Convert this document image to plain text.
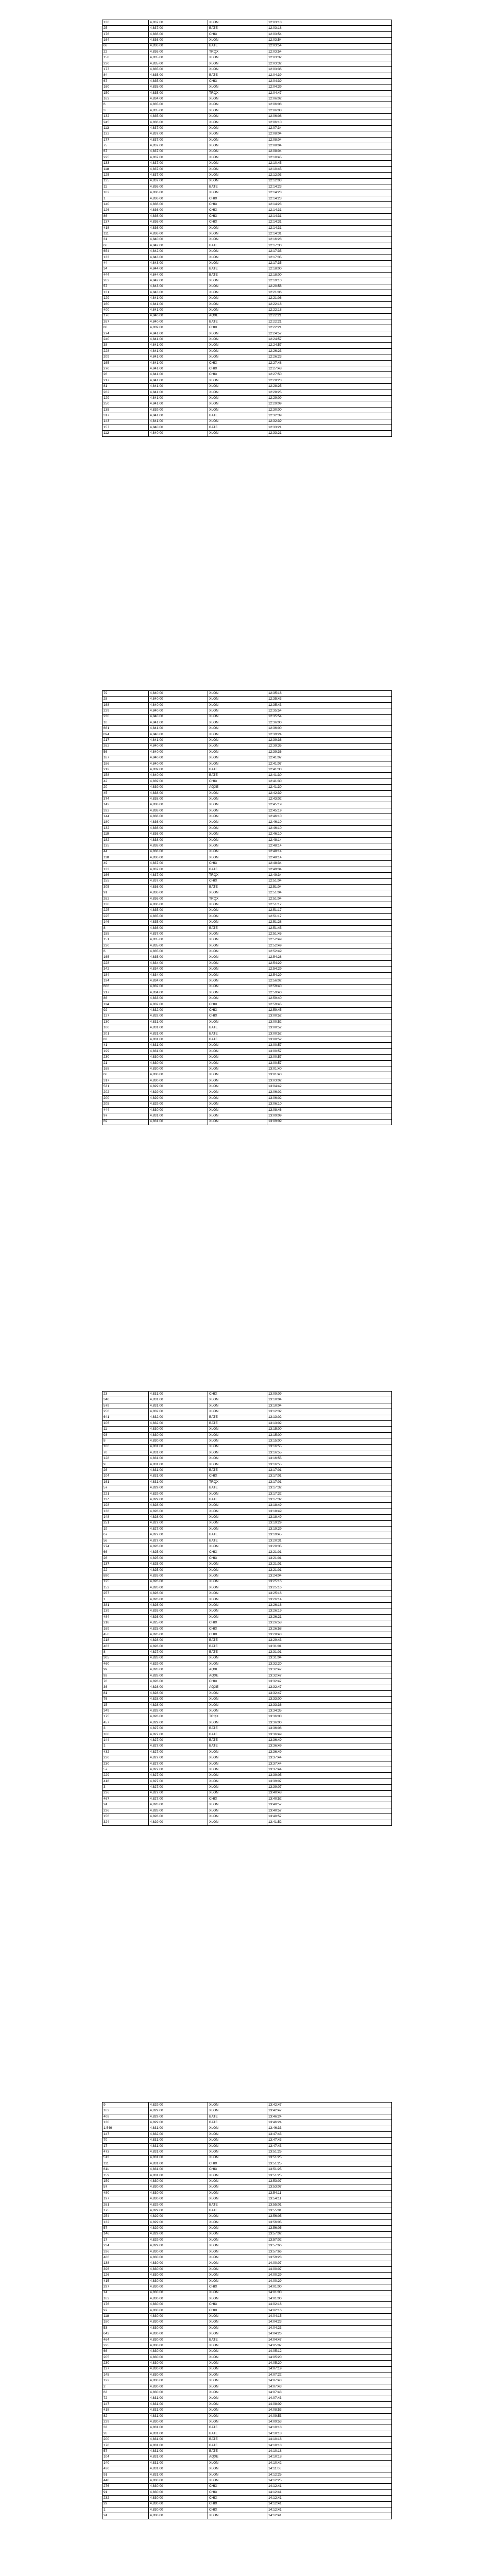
136	4,837.00	XLON	12:03:18
25	4,837.00	BATE	12:03:18
176	4,836.00	CHIX	12:03:54
164	4,836.00	XLON	12:03:54
68	4,836.00	BATE	12:03:54
22	4,836.00	TRQX	12:03:54
158	4,835.00	XLON	12:03:32
230	4,835.00	XLON	12:03:32
177	4,835.00	XLON	12:03:36
84	4,835.00	BATE	12:04:39
67	4,835.00	CHIX	12:04:39
160	4,835.00	XLON	12:04:39
150	4,835.00	TRQX	12:04:47
163	4,834.00	XLON	12:06:02
6	4,835.00	XLON	12:06:08
3	4,835.00	XLON	12:06:08
132	4,835.00	XLON	12:06:08
245	4,836.00	XLON	12:06:10
113	4,837.00	XLON	12:07:34
132	4,837.00	XLON	12:08:04
177	4,837.00	XLON	12:08:04
75	4,837.00	XLON	12:08:04
67	4,837.00	XLON	12:08:04
225	4,837.00	XLON	12:10:45
133	4,837.00	XLON	12:10:45
118	4,837.00	XLON	12:10:45
125	4,837.00	XLON	12:12:03
135	4,837.00	XLON	12:12:03
11	4,836.00	BATE	12:14:23
182	4,836.00	XLON	12:14:23
1	4,836.00	CHIX	12:14:23
140	4,836.00	CHIX	12:14:23
126	4,836.00	CHIX	12:14:31
86	4,836.00	CHIX	12:14:31
137	4,836.00	CHIX	12:14:31
418	4,836.00	XLON	12:14:31
111	4,836.00	XLON	12:14:31
31	4,840.00	XLON	12:16:28
66	4,842.00	BATE	12:17:30
654	4,842.00	XLON	12:17:35
133	4,843.00	XLON	12:17:35
44	4,843.00	XLON	12:17:35
34	4,844.00	BATE	12:18:00
444	4,844.00	BATE	12:18:00
262	4,842.00	XLON	12:19:10
57	4,843.00	XLON	12:20:58
131	4,843.00	XLON	12:21:06
129	4,841.00	XLON	12:21:06
160	4,841.00	XLON	12:22:18
400	4,841.00	XLON	12:22:18
176	4,840.00	AQXE	12:22:21
267	4,840.00	BATE	12:22:21
86	4,839.00	CHIX	12:22:21
274	4,841.00	XLON	12:24:57
240	4,841.00	XLON	12:24:57
38	4,841.00	XLON	12:24:57
228	4,841.00	XLON	12:26:23
209	4,841.00	XLON	12:26:23
165	4,841.00	CHIX	12:27:48
270	4,841.00	CHIX	12:27:48
26	4,841.00	CHIX	12:27:50
217	4,841.00	XLON	12:28:23
81	4,841.00	XLON	12:28:25
282	4,841.00	XLON	12:28:25
129	4,841.00	XLON	12:29:09
250	4,841.00	XLON	12:29:09
135	4,839.00	XLON	12:30:00
317	4,841.00	BATE	12:32:39
143	4,841.00	XLON	12:32:39
157	4,840.00	BATE	12:33:21
112	4,840.00	XLON	12:33:21
79	4,840.00	XLON	12:35:16
28	4,840.00	XLON	12:35:43
168	4,840.00	XLON	12:35:43
229	4,840.00	XLON	12:35:54
230	4,840.00	XLON	12:35:54
10	4,841.00	XLON	12:36:00
661	4,841.00	XLON	12:36:00
894	4,840.00	XLON	12:39:24
217	4,841.00	XLON	12:39:36
262	4,840.00	XLON	12:39:36
56	4,840.00	XLON	12:39:36
187	4,840.00	XLON	12:41:07
186	4,840.00	XLON	12:41:07
212	4,839.00	BATE	12:41:30
158	4,840.00	BATE	12:41:30
42	4,839.00	CHIX	12:41:30
20	4,839.00	AQXE	12:41:30
45	4,838.00	XLON	12:42:39
374	4,838.00	XLON	12:43:02
142	4,838.00	XLON	12:45:19
332	4,838.00	XLON	12:45:19
144	4,838.00	XLON	12:46:10
180	4,836.00	XLON	12:46:10
132	4,836.00	XLON	12:46:10
119	4,836.00	XLON	12:46:10
182	4,838.00	XLON	12:48:14
135	4,838.00	XLON	12:48:14
44	4,838.00	XLON	12:48:14
118	4,836.00	XLON	12:48:14
49	4,837.00	CHIX	12:48:34
133	4,837.00	BATE	12:49:34
166	4,837.00	TRQX	12:49:34
155	4,837.00	CHIX	12:51:04
305	4,836.00	BATE	12:51:04
91	4,836.00	XLON	12:51:04
262	4,836.00	TRQX	12:51:04
130	4,836.00	XLON	12:51:17
225	4,835.00	XLON	12:51:17
225	4,835.00	XLON	12:51:17
146	4,835.00	XLON	12:51:28
8	4,836.00	BATE	12:51:45
155	4,837.00	XLON	12:51:45
151	4,835.00	XLON	12:52:49
230	4,835.00	XLON	12:52:49
6	4,835.00	XLON	12:52:49
165	4,835.00	XLON	12:54:28
228	4,834.00	XLON	12:54:29
342	4,834.00	XLON	12:54:29
184	4,834.00	XLON	12:54:29
194	4,834.00	XLON	12:56:02
668	4,832.00	XLON	12:59:40
217	4,834.00	XLON	12:59:40
86	4,833.00	XLON	12:59:40
114	4,832.00	CHIX	12:59:45
92	4,832.00	CHIX	12:59:45
127	4,832.00	CHIX	13:00:52
130	4,831.00	XLON	13:00:52
100	4,831.00	BATE	13:00:52
201	4,831.00	BATE	13:00:52
83	4,831.00	BATE	13:00:52
41	4,831.00	XLON	13:00:57
199	4,831.00	XLON	13:00:57
230	4,830.00	XLON	13:00:57
21	4,830.00	XLON	13:00:57
168	4,830.00	XLON	13:01:40
66	4,830.00	XLON	13:01:40
317	4,830.00	XLON	13:03:02
531	4,829.00	XLON	13:04:42
202	4,829.00	XLON	13:06:02
200	4,829.00	XLON	13:06:02
205	4,829.00	XLON	13:06:10
444	4,830.00	XLON	13:08:46
97	4,831.00	XLON	13:09:09
69	4,831.00	XLON	13:09:09
23	4,831.00	CHIX	13:09:09
340	4,831.00	XLON	13:10:04
579	4,831.00	XLON	13:10:04
256	4,832.00	XLON	13:12:32
641	4,832.00	BATE	13:13:02
106	4,832.00	BATE	13:13:02
11	4,830.00	XLON	13:15:00
93	4,830.00	XLON	13:15:00
8	4,830.00	XLON	13:15:00
186	4,831.00	XLON	13:16:55
70	4,831.00	XLON	13:16:55
128	4,831.00	XLON	13:16:55
9	4,831.00	XLON	13:16:55
26	4,831.00	BATE	13:17:01
104	4,831.00	CHIX	13:17:01
161	4,831.00	TRQX	13:17:01
57	4,829.00	BATE	13:17:32
221	4,829.00	XLON	13:17:32
117	4,829.00	BATE	13:17:32
198	4,828.00	XLON	13:18:49
138	4,828.00	XLON	13:18:49
148	4,828.00	XLON	13:18:49
251	4,827.00	XLON	13:19:29
19	4,827.00	XLON	13:19:29
67	4,827.00	BATE	13:19:45
56	4,827.00	BATE	13:20:31
274	4,826.00	XLON	13:20:35
66	4,825.00	CHIX	13:21:01
26	4,825.00	CHIX	13:21:01
137	4,825.00	XLON	13:21:01
22	4,825.00	XLON	13:21:01
890	4,826.00	XLON	13:24:04
125	4,826.00	XLON	13:25:16
152	4,826.00	XLON	13:25:16
257	4,826.00	XLON	13:25:16
1	4,826.00	XLON	13:26:14
381	4,826.00	XLON	13:26:16
139	4,826.00	XLON	13:26:19
484	4,826.00	XLON	13:26:21
218	4,825.00	CHIX	13:26:58
169	4,825.00	CHIX	13:26:58
456	4,826.00	CHIX	13:28:43
218	4,828.00	BATE	13:29:43
463	4,828.00	BATE	13:31:01
8	4,827.00	BATE	13:31:01
305	4,828.00	XLON	13:31:04
460	4,829.00	XLON	13:32:20
99	4,828.00	AQXE	13:32:47
92	4,828.00	AQXE	13:32:47
76	4,828.00	CHIX	13:32:47
36	4,828.00	AQXE	13:32:47
81	4,828.00	XLON	13:32:47
76	4,828.00	XLON	13:33:00
15	4,828.00	XLON	13:33:36
349	4,828.00	XLON	13:34:35
175	4,828.00	TRQX	13:36:00
457	4,829.00	XLON	13:36:00
3	4,827.00	BATE	13:36:08
180	4,827.00	BATE	13:36:49
144	4,827.00	BATE	13:36:49
1	4,827.00	BATE	13:36:49
432	4,827.00	XLON	13:36:49
230	4,827.00	XLON	13:37:44
230	4,827.00	XLON	13:37:44
57	4,827.00	XLON	13:37:44
229	4,827.00	XLON	13:39:05
418	4,827.00	XLON	13:39:07
3	4,827.00	XLON	13:39:07
236	4,827.00	XLON	13:40:48
467	4,827.00	CHIX	13:40:52
24	4,828.00	XLON	13:40:57
226	4,828.00	XLON	13:40:57
156	4,828.00	XLON	13:40:57
324	4,829.00	XLON	13:41:52
9	4,829.00	XLON	13:42:47
162	4,829.00	XLON	13:42:47
408	4,829.00	BATE	13:46:24
130	4,829.00	BATE	13:46:24
1,549	4,831.00	XLON	13:46:33
147	4,832.00	XLON	13:47:43
70	4,831.00	XLON	13:47:43
17	4,831.00	XLON	13:47:43
473	4,831.00	XLON	13:51:25
513	4,831.00	XLON	13:51:25
111	4,831.00	CHIX	13:51:25
611	4,831.00	CHIX	13:51:25
159	4,831.00	XLON	13:51:25
159	4,830.00	XLON	13:53:07
57	4,830.00	XLON	13:53:07
480	4,830.00	XLON	13:54:11
197	4,830.00	XLON	13:54:11
261	4,829.00	BATE	13:55:01
175	4,829.00	BATE	13:55:01
254	4,829.00	XLON	13:56:05
132	4,829.00	XLON	13:56:05
57	4,829.00	XLON	13:56:05
146	4,829.00	XLON	13:57:02
17	4,829.00	XLON	13:57:02
234	4,829.00	XLON	13:57:66
326	4,830.00	XLON	13:57:66
486	4,830.00	XLON	13:59:23
138	4,830.00	XLON	14:00:07
396	4,830.00	XLON	14:00:07
126	4,830.00	XLON	14:00:29
415	4,830.00	XLON	14:00:29
297	4,830.00	CHIX	14:01:00
14	4,830.00	XLON	14:01:00
162	4,830.00	XLON	14:01:00
176	4,830.00	CHIX	14:02:16
97	4,830.00	CHIX	14:02:16
118	4,830.00	XLON	14:04:15
180	4,830.00	XLON	14:04:23
53	4,830.00	XLON	14:04:23
642	4,830.00	XLON	14:04:26
464	4,830.00	BATE	14:04:47
225	4,830.00	XLON	14:05:07
66	4,830.00	XLON	14:05:12
205	4,830.00	XLON	14:05:20
230	4,830.00	XLON	14:05:20
127	4,830.00	XLON	14:07:19
145	4,830.00	XLON	14:07:22
122	4,830.00	XLON	14:07:43
2	4,830.00	XLON	14:07:43
63	4,830.00	XLON	14:07:43
72	4,831.00	XLON	14:07:43
147	4,831.00	XLON	14:08:09
418	4,831.00	XLON	14:08:53
82	4,831.00	XLON	14:09:53
229	4,830.00	XLON	14:09:53
33	4,831.00	BATE	14:10:18
26	4,831.00	BATE	14:10:18
200	4,831.00	BATE	14:10:18
176	4,831.00	BATE	14:10:18
57	4,831.00	BATE	14:10:18
104	4,831.00	AQXE	14:10:18
140	4,831.00	XLON	14:10:42
430	4,831.00	XLON	14:11:06
91	4,831.00	XLON	14:12:25
440	4,830.00	XLON	14:12:25
276	4,830.00	CHIX	14:12:41
91	4,830.00	CHIX	14:12:41
232	4,830.00	CHIX	14:12:41
29	4,830.00	CHIX	14:12:41
1	4,830.00	CHIX	14:12:41
24	4,830.00	XLON	14:12:41
